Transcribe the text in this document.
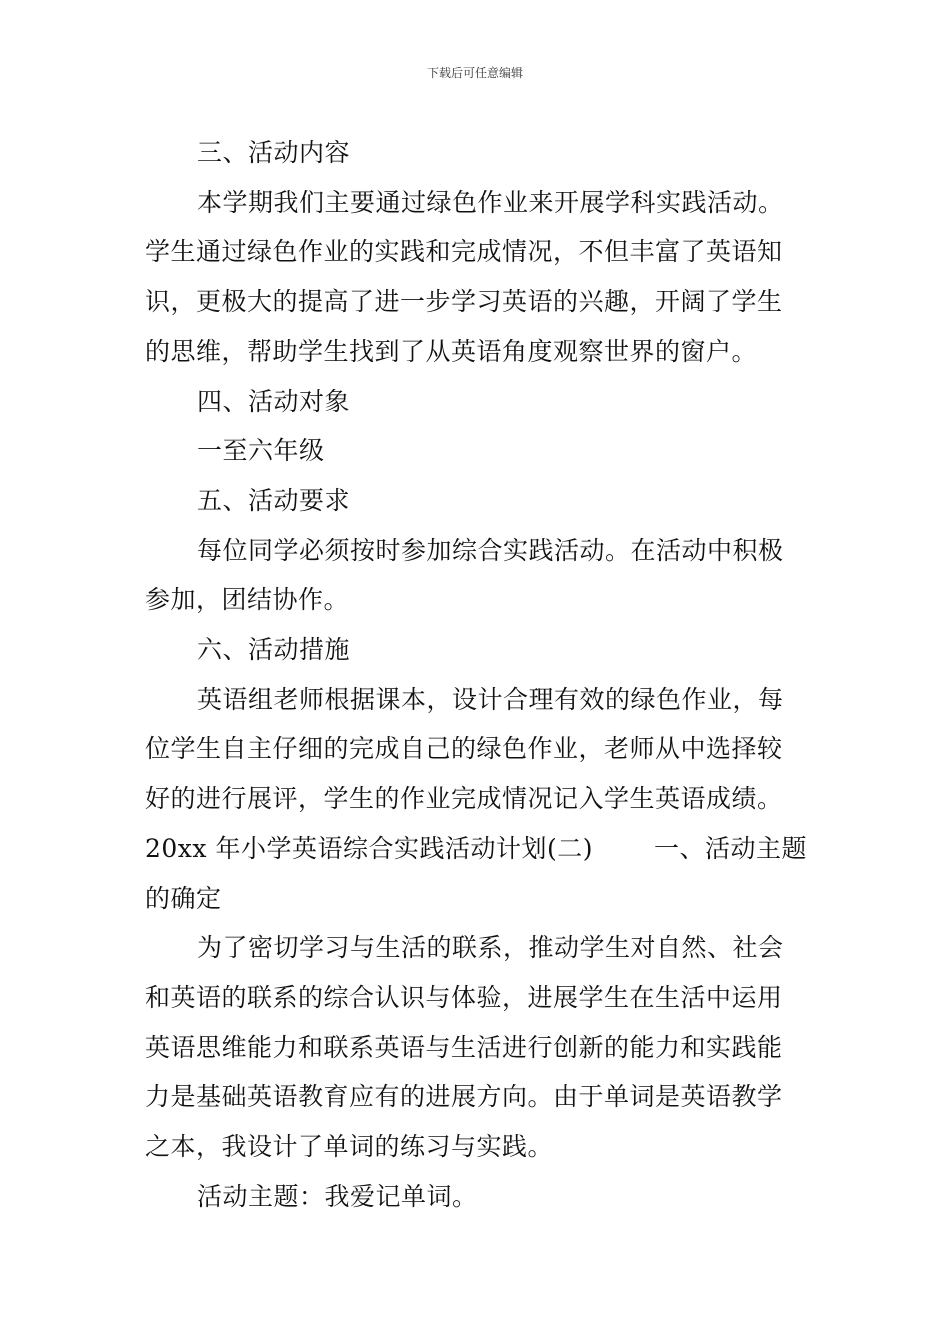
下载后可任意编辑

三、活动内容

本学期我们主要通过绿色作业来开展学科实践活动。

学生通过绿色作业的实践和完成情况，不但丰富了英语知

识，更极大的提高了进一步学习英语的兴趣，开阔了学生

的思维，帮助学生找到了从英语角度观察世界的窗户。

四、活动对象

一至六年级

五、活动要求

每位同学必须按时参加综合实践活动。在活动中积极

参加，团结协作。

六、活动措施

英语组老师根据课本，设计合理有效的绿色作业，每

位学生自主仔细的完成自己的绿色作业，老师从中选择较

好的进行展评，学生的作业完成情况记入学生英语成绩。

20xx 年小学英语综合实践活动计划(二) 一、活动主题

的确定

为了密切学习与生活的联系，推动学生对自然、社会

和英语的联系的综合认识与体验，进展学生在生活中运用

英语思维能力和联系英语与生活进行创新的能力和实践能

力是基础英语教育应有的进展方向。由于单词是英语教学

之本，我设计了单词的练习与实践。

活动主题：我爱记单词。
